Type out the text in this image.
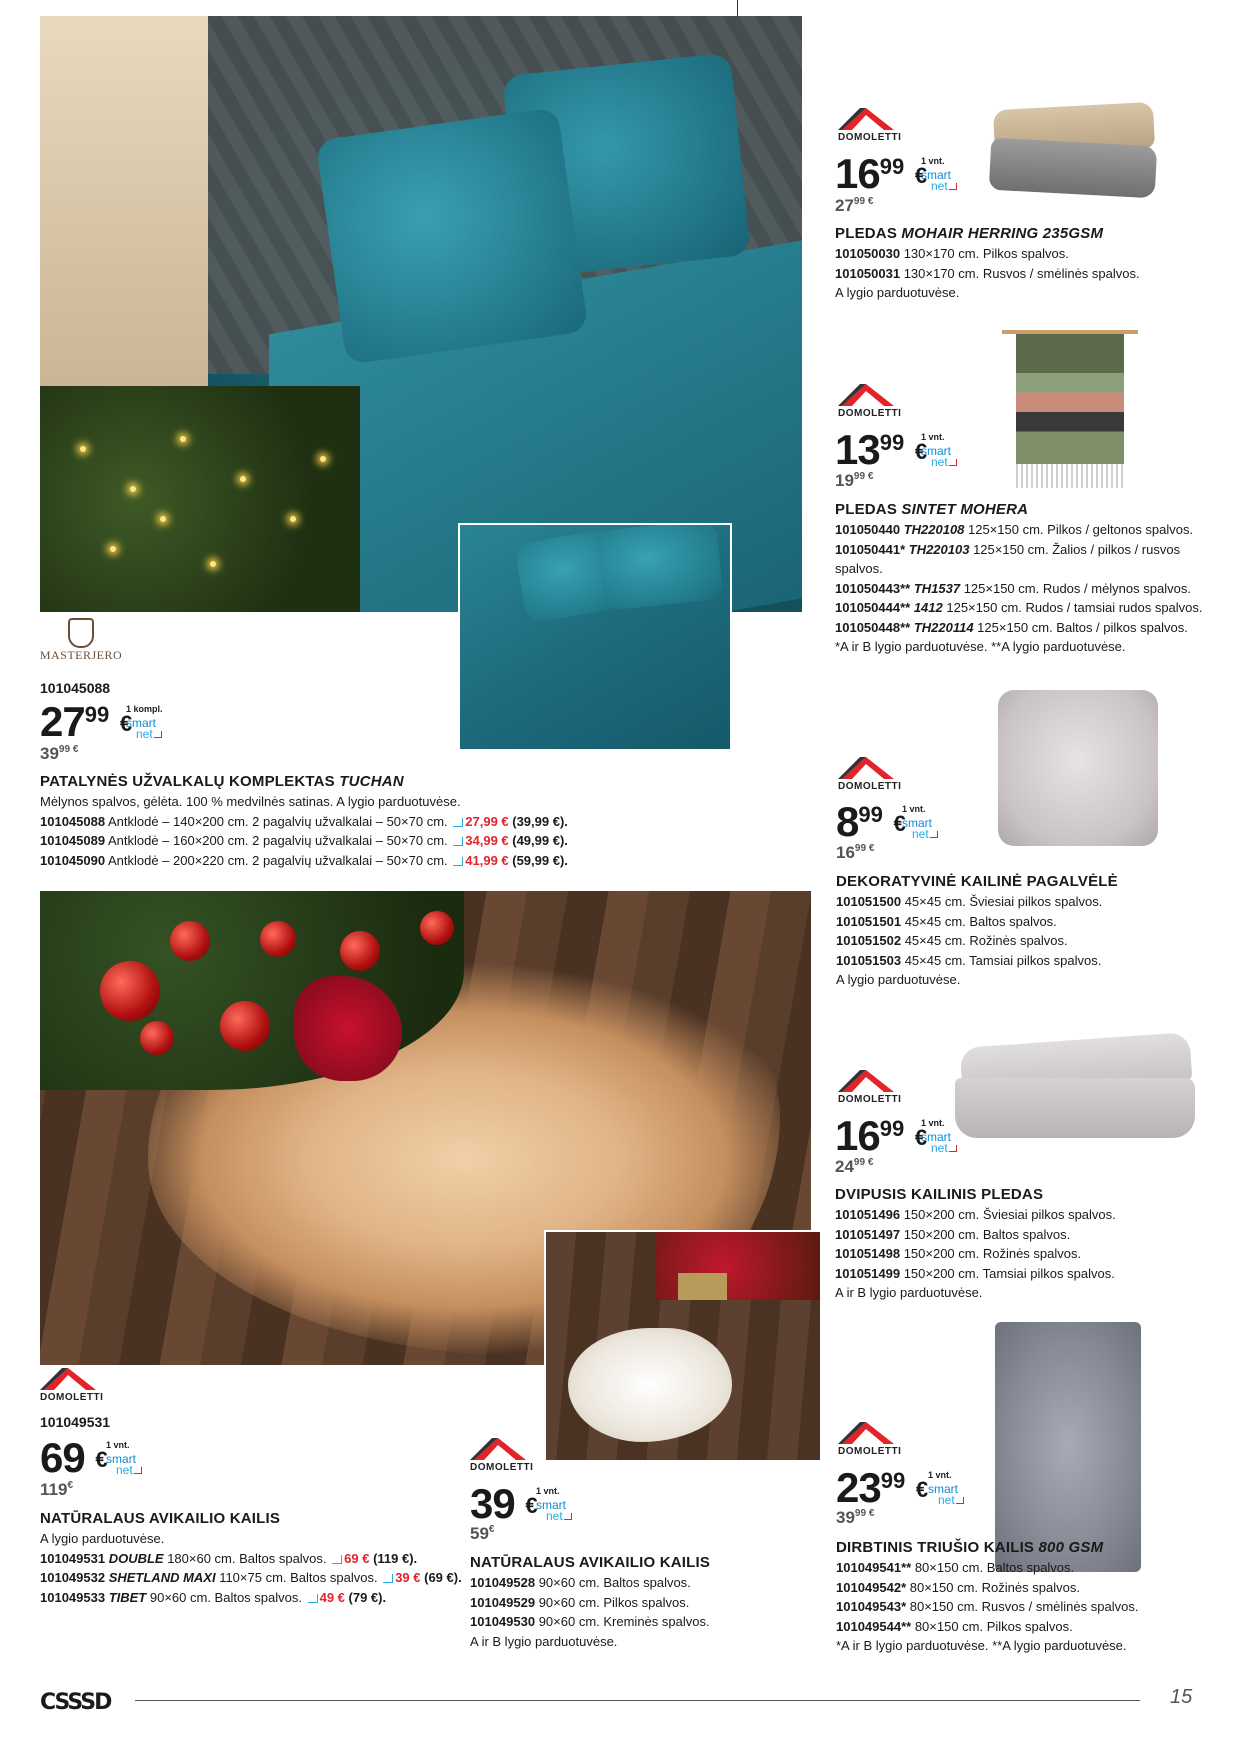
DOMOLETTI
$16^{99}$ €
1 vnt.
smart
net
$27^{99 €}$
PLEDAS MOHAIR HERRING 235GSM
101050030 130×170 cm. Pilkos spalvos.
101050031 130×170 cm. Rusvos / smėlinės spalvos.
A lygio parduotuvėse.
DOMOLETTI
$13^{99}$ €
1 vnt.
smart
net
$19^{99 €}$
PLEDAS SINTET MOHERA
101050440 TH220108 125×150 cm. Pilkos / geltonos spalvos.
101050441* TH220103 125×150 cm. Žalios / pilkos / rusvos
spalvos.
101050443** TH1537 125×150 cm. Rudos / mėlynos spalvos.
101050444** 1412 125×150 cm. Rudos / tamsiai rudos spalvos.
101050448** TH220114 125×150 cm. Baltos / pilkos spalvos.
*A ir B lygio parduotuvėse. **A lygio parduotuvėse.
DOMOLETTI
$8^{99}$ €
1 vnt.
smart
net
$16^{99 €}$
DEKORATYVINĖ KAILINĖ PAGALVĖLĖ
101051500 45×45 cm. Šviesiai pilkos spalvos.
101051501 45×45 cm. Baltos spalvos.
101051502 45×45 cm. Rožinės spalvos.
101051503 45×45 cm. Tamsiai pilkos spalvos.
A lygio parduotuvėse.
DOMOLETTI
$16^{99}$ €
1 vnt.
smart
net
$24^{99 €}$
DVIPUSIS KAILINIS PLEDAS
101051496 150×200 cm. Šviesiai pilkos spalvos.
101051497 150×200 cm. Baltos spalvos.
101051498 150×200 cm. Rožinės spalvos.
101051499 150×200 cm. Tamsiai pilkos spalvos.
A ir B lygio parduotuvėse.
MASTERJERO
101045088
$27^{99}$ €
1 kompl.
smart
net
$39^{99 €}$
PATALYNĖS UŽVALKALŲ KOMPLEKTAS TUCHAN
Mėlynos spalvos, gėlėta. 100 % medvilnės satinas. A lygio parduotuvėse.
101045088 Antklodė – 140×200 cm. 2 pagalvių užvalkalai – 50×70 cm. 27,99 € (39,99 €).
101045089 Antklodė – 160×200 cm. 2 pagalvių užvalkalai – 50×70 cm. 34,99 € (49,99 €).
101045090 Antklodė – 200×220 cm. 2 pagalvių užvalkalai – 50×70 cm. 41,99 € (59,99 €).
DOMOLETTI
101049531
69 €
1 vnt.
smart
net
119€
NATŪRALAUS AVIKAILIO KAILIS
A lygio parduotuvėse.
101049531 DOUBLE 180×60 cm. Baltos spalvos. 69 € (119 €).
101049532 SHETLAND MAXI 110×75 cm. Baltos spalvos. 39 € (69 €).
101049533 TIBET 90×60 cm. Baltos spalvos. 49 € (79 €).
DOMOLETTI
39 €
1 vnt.
smart
net
59€
NATŪRALAUS AVIKAILIO KAILIS
101049528 90×60 cm. Baltos spalvos.
101049529 90×60 cm. Pilkos spalvos.
101049530 90×60 cm. Kreminės spalvos.
A ir B lygio parduotuvėse.
DOMOLETTI
$23^{99}$ €
1 vnt.
smart
net
$39^{99 €}$
DIRBTINIS TRIUŠIO KAILIS 800 GSM
101049541** 80×150 cm. Baltos spalvos.
101049542* 80×150 cm. Rožinės spalvos.
101049543* 80×150 cm. Rusvos / smėlinės spalvos.
101049544** 80×150 cm. Pilkos spalvos.
*A ir B lygio parduotuvėse. **A lygio parduotuvėse.
CSSSD	15
